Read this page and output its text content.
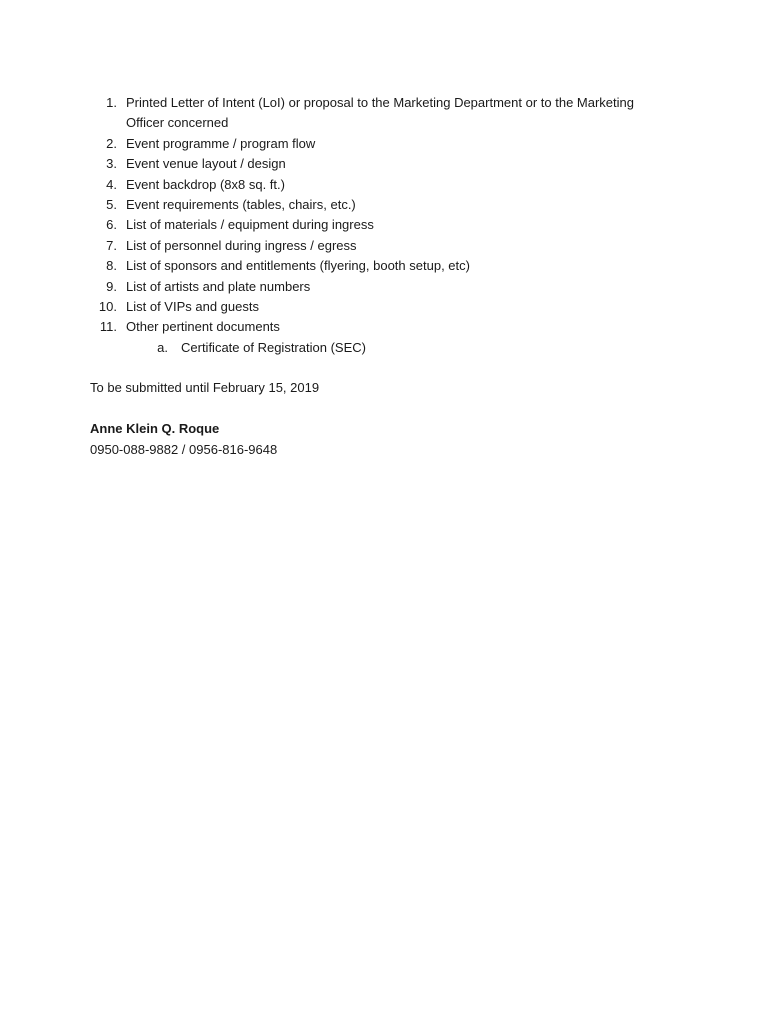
1. Printed Letter of Intent (LoI) or proposal to the Marketing Department or to the Marketing Officer concerned
2. Event programme / program flow
3. Event venue layout / design
4. Event backdrop (8x8 sq. ft.)
5. Event requirements (tables, chairs, etc.)
6. List of materials / equipment during ingress
7. List of personnel during ingress / egress
8. List of sponsors and entitlements (flyering, booth setup, etc)
9. List of artists and plate numbers
10. List of VIPs and guests
11. Other pertinent documents
a.	Certificate of Registration (SEC)
To be submitted until February 15, 2019
Anne Klein Q. Roque
0950-088-9882 / 0956-816-9648
